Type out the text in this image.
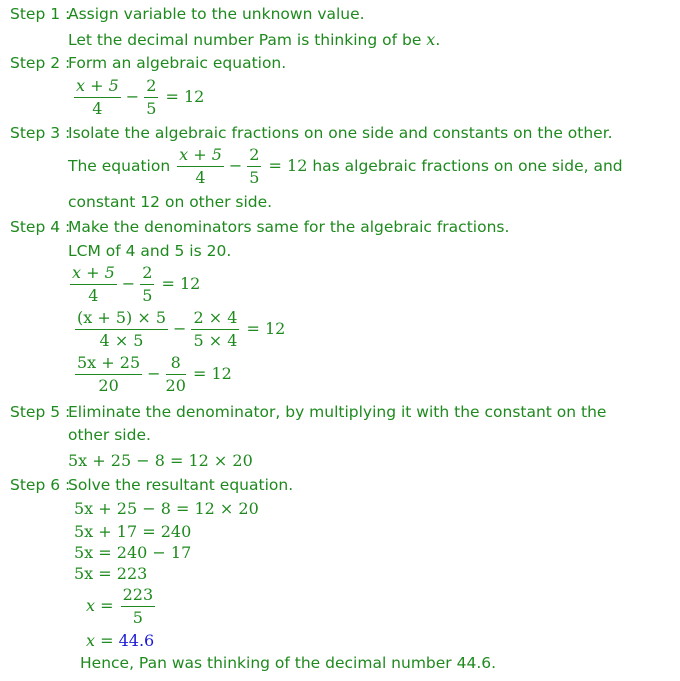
Step 1 :
Assign variable to the unknown value.
Let the decimal number Pam is thinking of be x.
Step 2 :
Form an algebraic equation.
$\frac{x + 5}{4} - \frac{2}{5} = 12$
Step 3 :
Isolate the algebraic fractions on one side and constants on the other.
The equation $\frac{x + 5}{4} - \frac{2}{5} = 12$ has algebraic fractions on one side, and
constant 12 on other side.
Step 4 :
Make the denominators same for the algebraic fractions.
LCM of 4 and 5 is 20.
$\frac{x + 5}{4} - \frac{2}{5} = 12$
$\frac{(x + 5) \times 5}{4 \times 5} - \frac{2 \times 4}{5 \times 4} = 12$
$\frac{5x + 25}{20} - \frac{8}{20} = 12$
Step 5 :
Eliminate the denominator, by multiplying it with the constant on the
other side.
5x + 25 − 8 = 12 × 20
Step 6 :
Solve the resultant equation.
5x + 25 − 8 = 12 × 20
5x + 17 = 240
5x = 240 − 17
5x = 223
$x = \frac{223}{5}$
x = 44.6
Hence, Pan was thinking of the decimal number 44.6.
